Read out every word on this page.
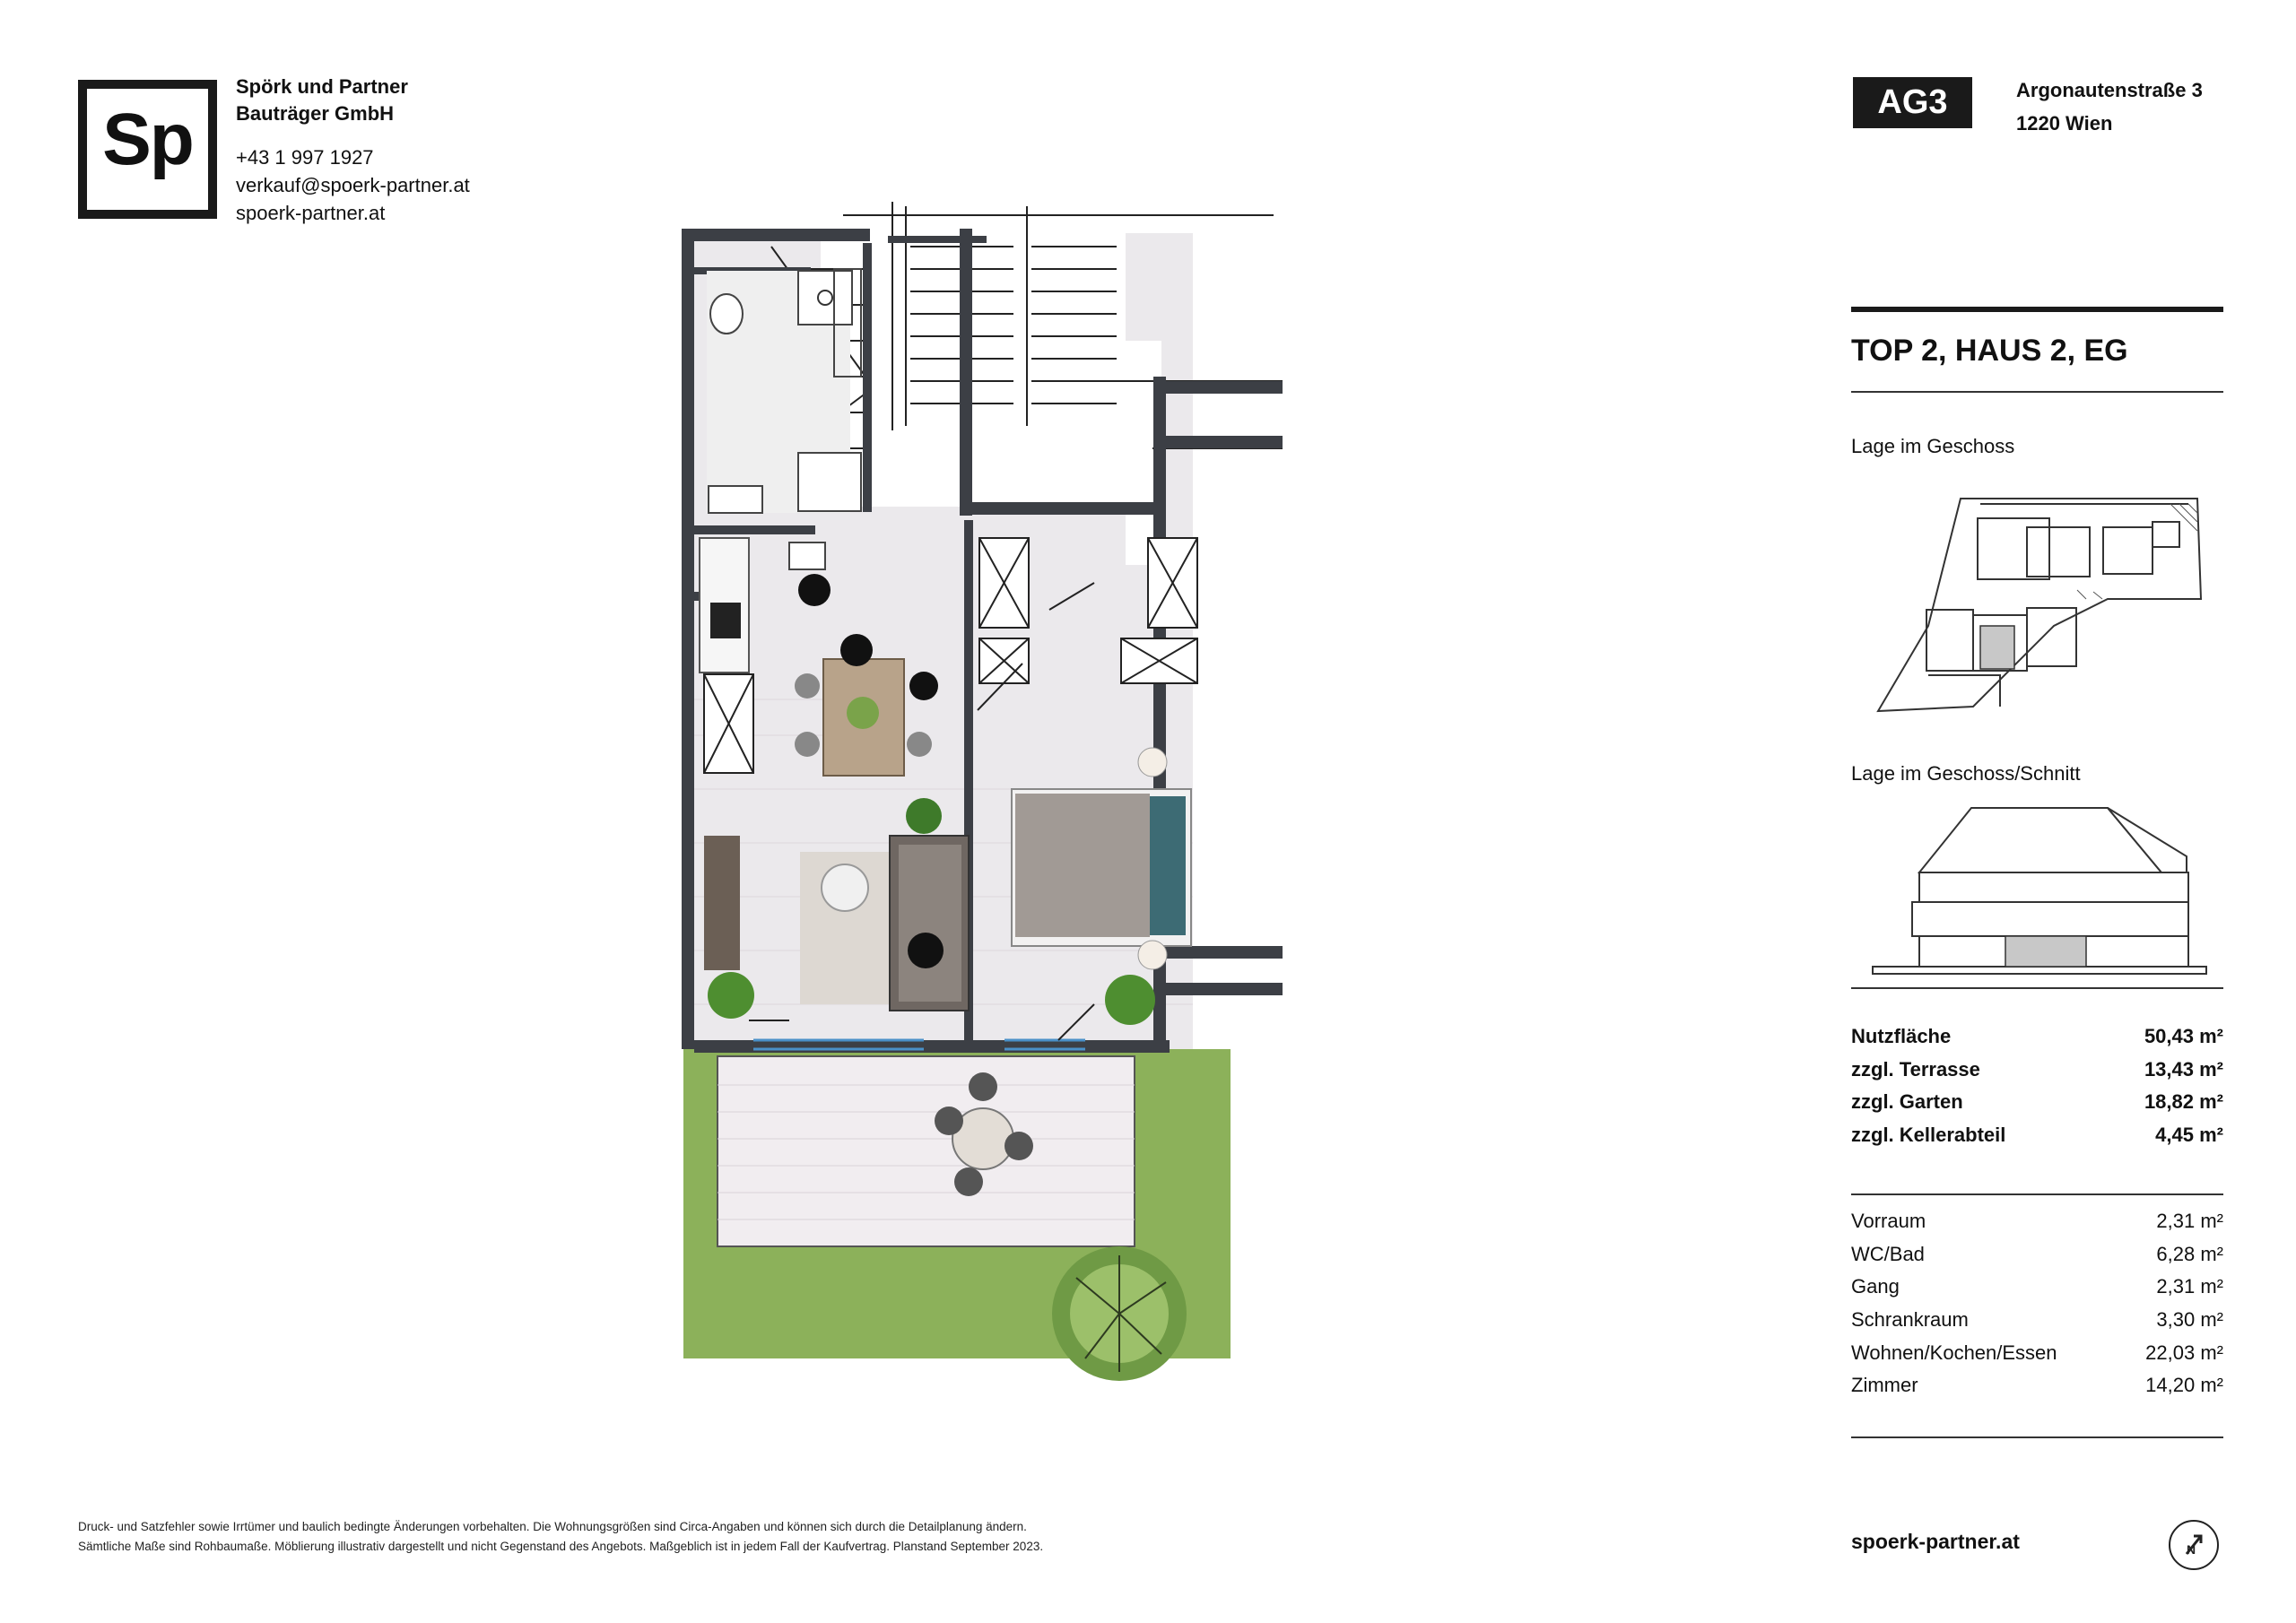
Sp
Spörk und Partner
Bauträger GmbH
+43 1 997 1927
verkauf@spoerk-partner.at
spoerk-partner.at
AG3	Argonautenstraße 3
1220 Wien
TOP 2, HAUS 2, EG
Lage im Geschoss
Lage im Geschoss/Schnitt
Nutzfläche	50,43 m²
zzgl. Terrasse	13,43 m²
zzgl. Garten	18,82 m²
zzgl. Kellerabteil	4,45 m²
Vorraum	2,31 m²
WC/Bad	6,28 m²
Gang	2,31 m²
Schrankraum	3,30 m²
Wohnen/Kochen/Essen	22,03 m²
Zimmer	14,20 m²
Druck- und Satzfehler sowie Irrtümer und baulich bedingte Änderungen vorbehalten. Die Wohnungsgrößen sind Circa-Angaben und können sich durch die Detailplanung ändern.
Sämtliche Maße sind Rohbaumaße. Möblierung illustrativ dargestellt und nicht Gegenstand des Angebots. Maßgeblich ist in jedem Fall der Kaufvertrag. Planstand September 2023.	spoerk-partner.at	N
